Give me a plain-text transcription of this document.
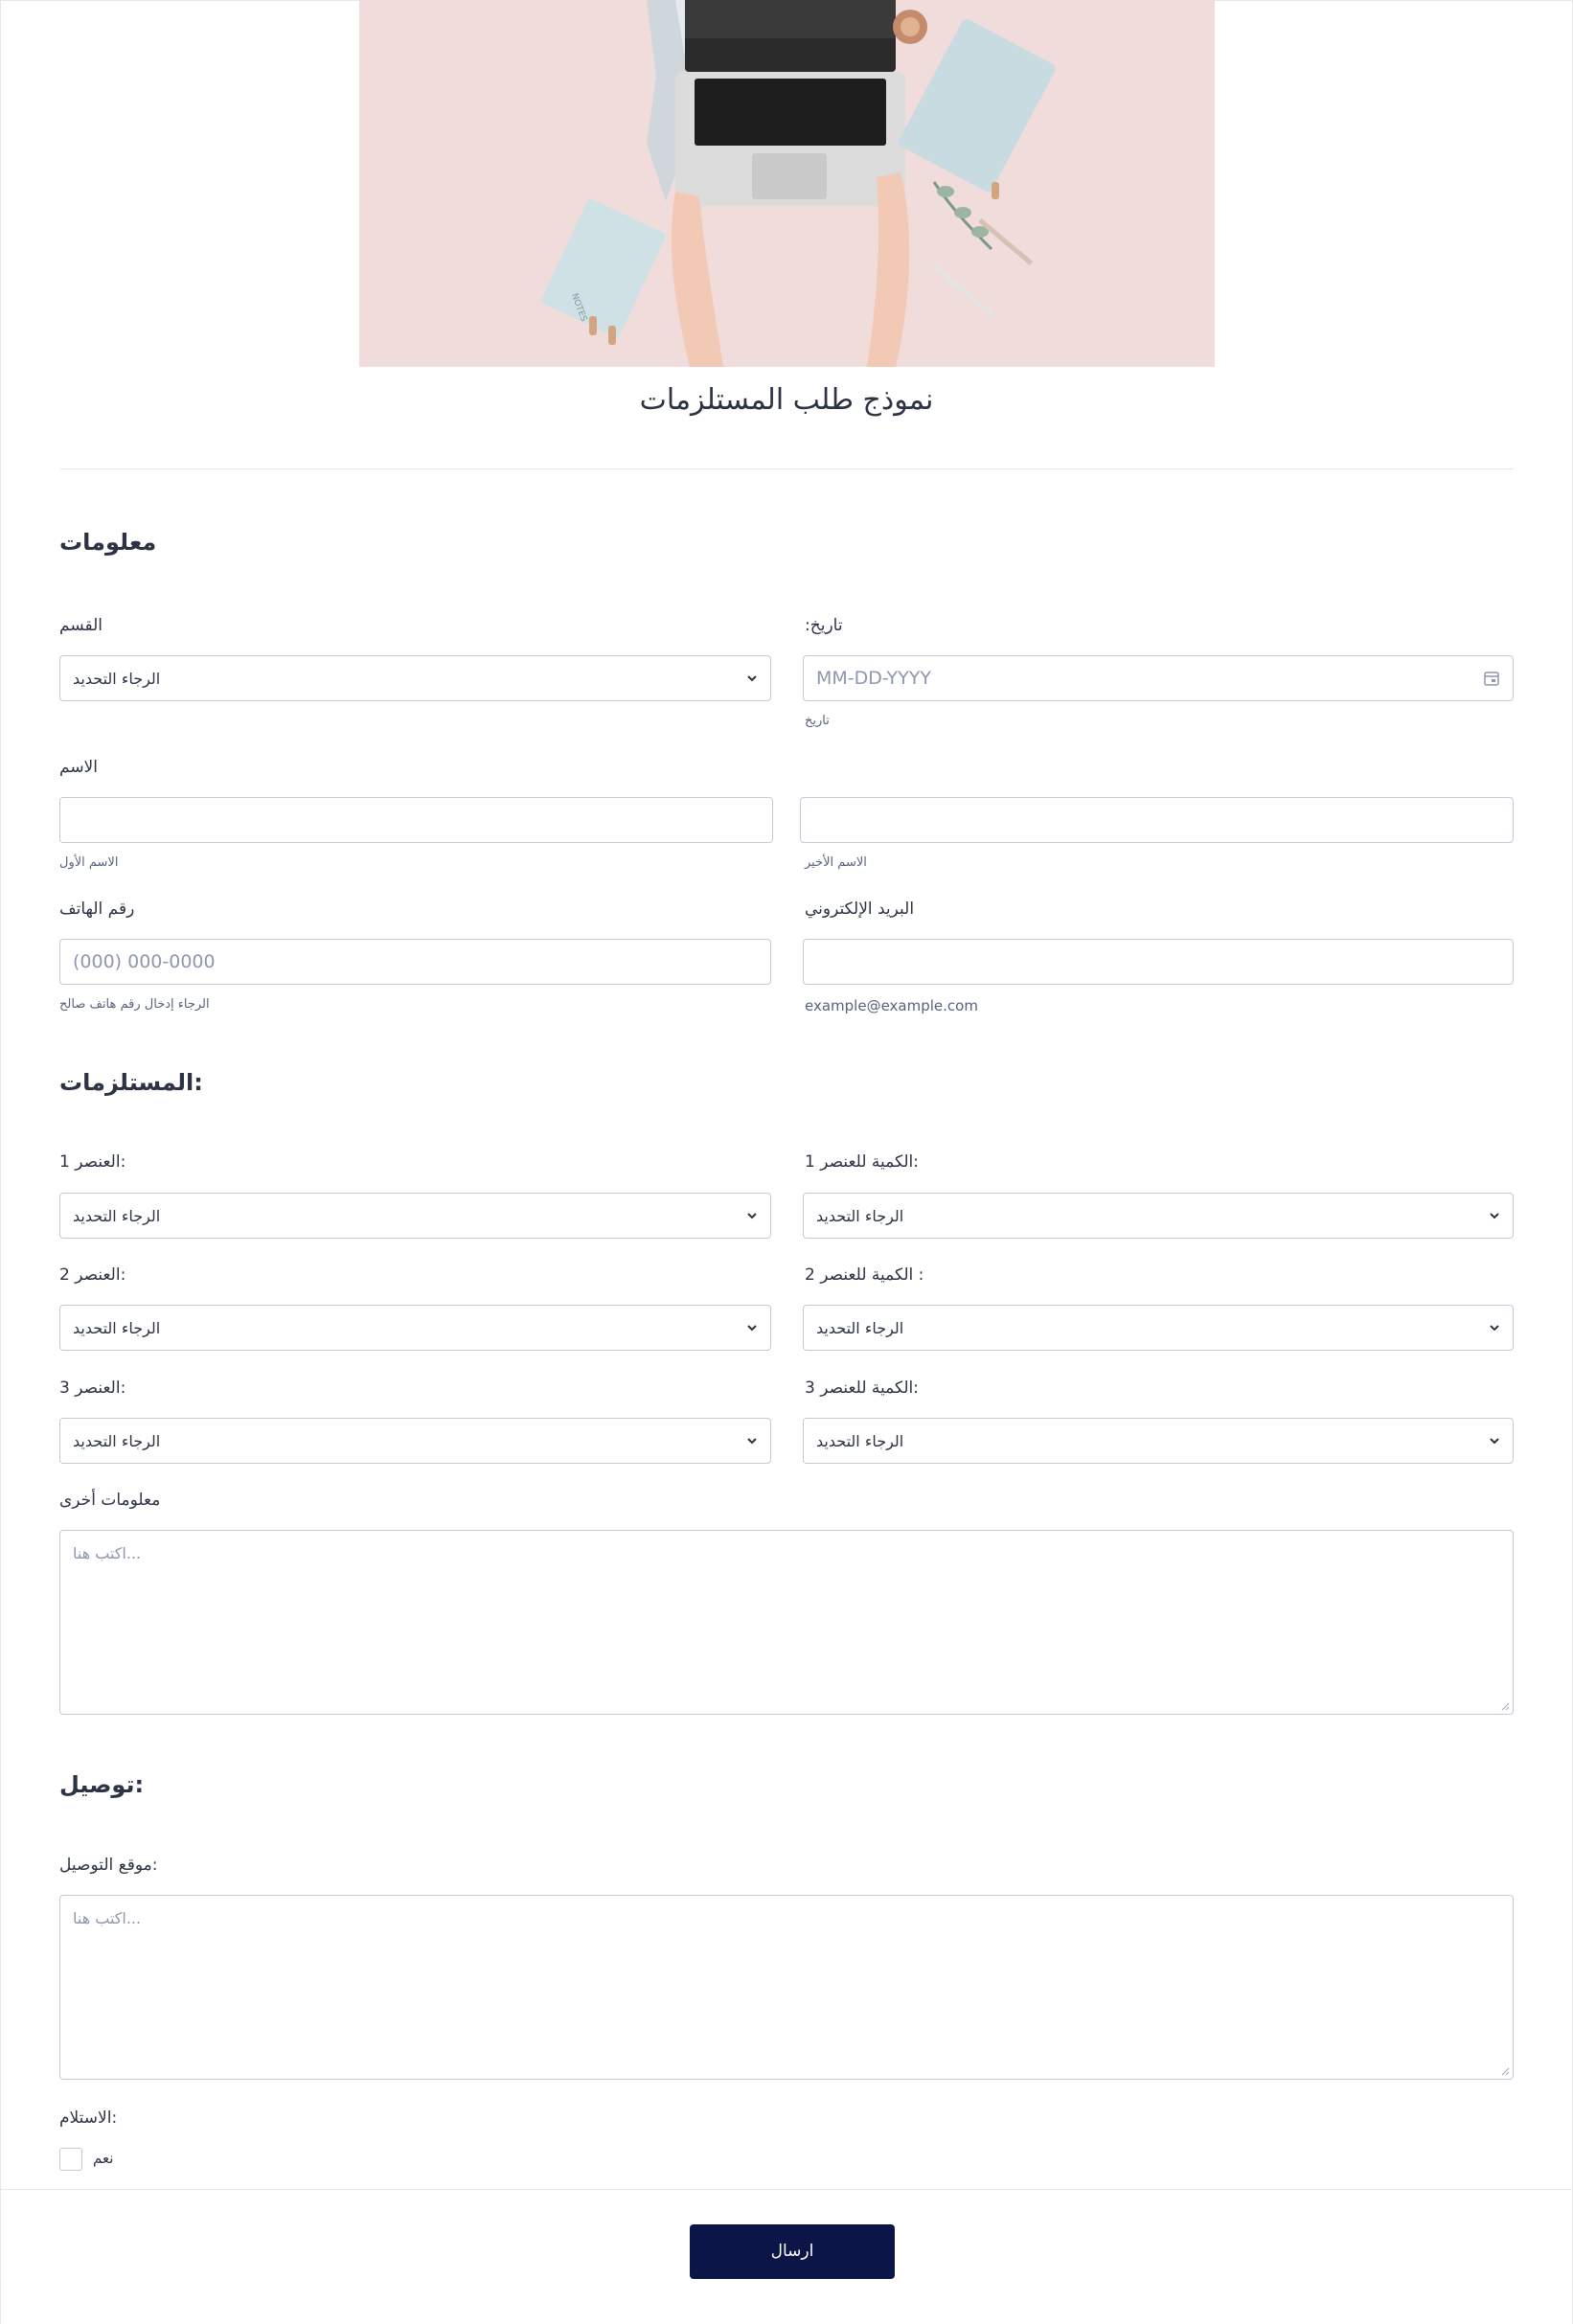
NOTES
نموذج طلب المستلزمات
معلومات
القسم
الرجاء التحديد
:تاريخ
MM-DD-YYYY
تاريخ
الاسم
الاسم الأول	الاسم الأخير
رقم الهاتف
(000) 000-0000
الرجاء إدخال رقم هاتف صالح
البريد الإلكتروني
example@example.com
المستلزمات:
العنصر 1:
الرجاء التحديد
الكمية للعنصر 1:
الرجاء التحديد
العنصر 2:
الرجاء التحديد
الكمية للعنصر 2 :
الرجاء التحديد
العنصر 3:
الرجاء التحديد
الكمية للعنصر 3:
الرجاء التحديد
معلومات أخرى
اكتب هنا...
توصيل:
موقع التوصيل:
اكتب هنا...
الاستلام:
نعم
ارسال
